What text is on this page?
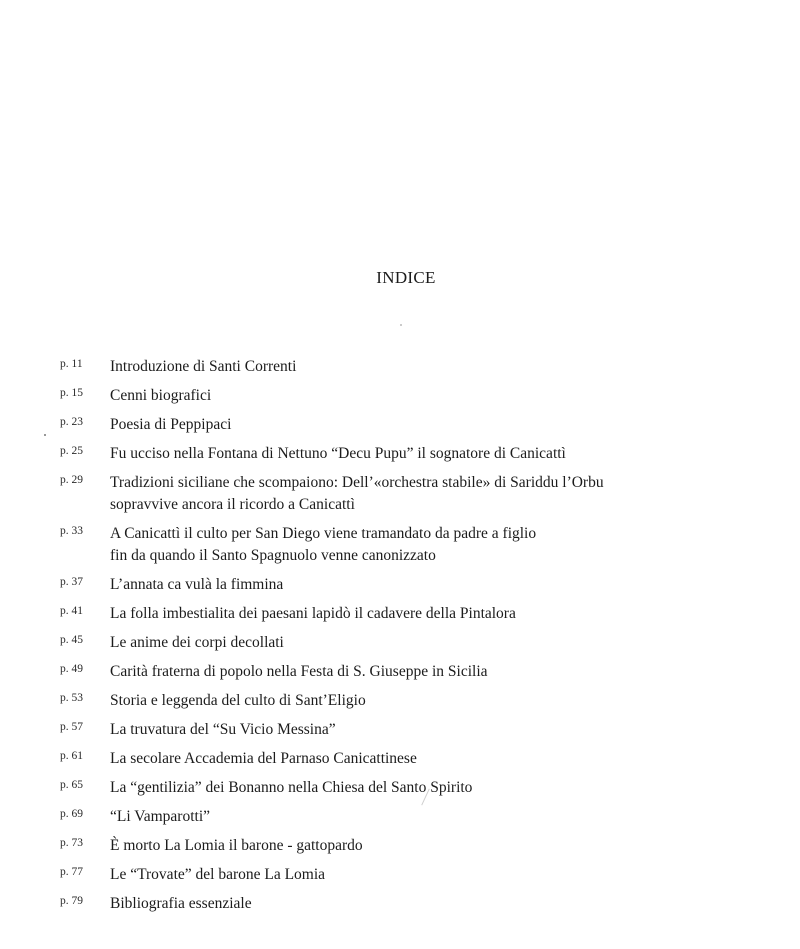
INDICE
p. 11 Introduzione di Santi Correnti
p. 15 Cenni biografici
p. 23 Poesia di Peppipaci
p. 25 Fu ucciso nella Fontana di Nettuno “Decu Pupu” il sognatore di Canicattì
p. 29 Tradizioni siciliane che scompaiono: Dell’«orchestra stabile» di Sariddu l’Orbu
sopravvive ancora il ricordo a Canicattì
p. 33 A Canicattì il culto per San Diego viene tramandato da padre a figlio
fin da quando il Santo Spagnuolo venne canonizzato
p. 37 L’annata ca vulà la fimmina
p. 41 La folla imbestialita dei paesani lapidò il cadavere della Pintalora
p. 45 Le anime dei corpi decollati
p. 49 Carità fraterna di popolo nella Festa di S. Giuseppe in Sicilia
p. 53 Storia e leggenda del culto di Sant’Eligio
p. 57 La truvatura del “Su Vicio Messina”
p. 61 La secolare Accademia del Parnaso Canicattinese
p. 65 La “gentilizia” dei Bonanno nella Chiesa del Santo Spirito
p. 69 “Li Vamparotti”
p. 73 È morto La Lomia il barone - gattopardo
p. 77 Le “Trovate” del barone La Lomia
p. 79 Bibliografia essenziale
